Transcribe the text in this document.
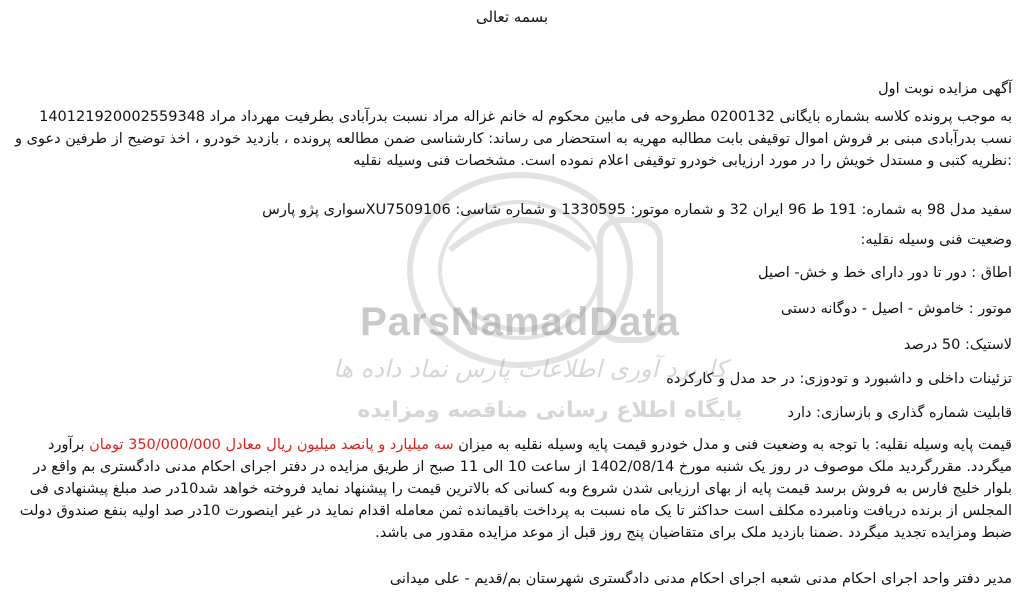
ParsNamadData
کاربرد آوری اطلاعات پارس نماد داده ها
پایگاه اطلاع رسانی مناقصه ومزایده
بسمه تعالی
آگهی مزایده نوبت اول
به موجب پرونده کلاسه 14012192000255934‪8 بشماره بایگانی 0200132 مطروحه فی مابین محکوم له خانم غزاله مراد نسبت بدرآبادی بطرفیت مهرداد مراد نسب بدرآبادی مبنی بر فروش اموال توقیفی بابت مطالبه مهریه به استحضار می رساند: کارشناسی ضمن مطالعه پرونده ، بازدید خودرو ، اخذ توضیح از طرفین دعوی و نظریه کتبی و مستدل خویش را در مورد ارزیابی خودرو توقیفی اعلام نموده است. مشخصات فنی وسیله نقلیه:
سفید مدل 98 به شماره: 191 ط 96 ایران 32 و شماره موتور: 1330595 و شماره شاسی: XU7509106سواری پژو پارس
وضعیت فنی وسیله نقلیه:
اطاق : دور تا دور دارای خط و خش- اصیل
موتور : خاموش - اصیل - دوگانه دستی
لاستیک: 50 درصد
تزئینات داخلی و داشبورد و تودوزی: در حد مدل و کارکرده
قابلیت شماره گذاری و بازسازی: دارد
قیمت پایه وسیله نقلیه: با توجه به وضعیت فنی و مدل خودرو قیمت پایه وسیله نقلیه به میزان سه میلیارد و پانصد میلیون ریال معادل 350/000/000 تومان برآورد میگردد. مقررگردید ملک موصوف در روز یک شنبه مورخ 1402/08/14 از ساعت 10 الی 11 صبح از طریق مزایده در دفتر اجرای احکام مدنی دادگستری بم واقع در بلوار خلیج فارس به فروش برسد قیمت پایه از بهای ارزیابی شدن شروع وبه کسانی که بالاترین قیمت را پیشنهاد نماید فروخته خواهد شد10در صد مبلغ پیشنهادی فی المجلس از برنده دریافت ونامبرده مکلف است حداکثر تا یک ماه نسبت به پرداخت باقیمانده ثمن معامله اقدام نماید در غیر اینصورت 10در صد اولیه بنفع صندوق دولت ضبط ومزایده تجدید میگردد .ضمنا بازدید ملک برای متقاضیان پنج روز قبل از موعد مزایده مقدور می باشد.
مدیر دفتر واحد اجرای احکام مدنی شعبه اجرای احکام مدنی دادگستری شهرستان بم/قدیم - علی میدانی
